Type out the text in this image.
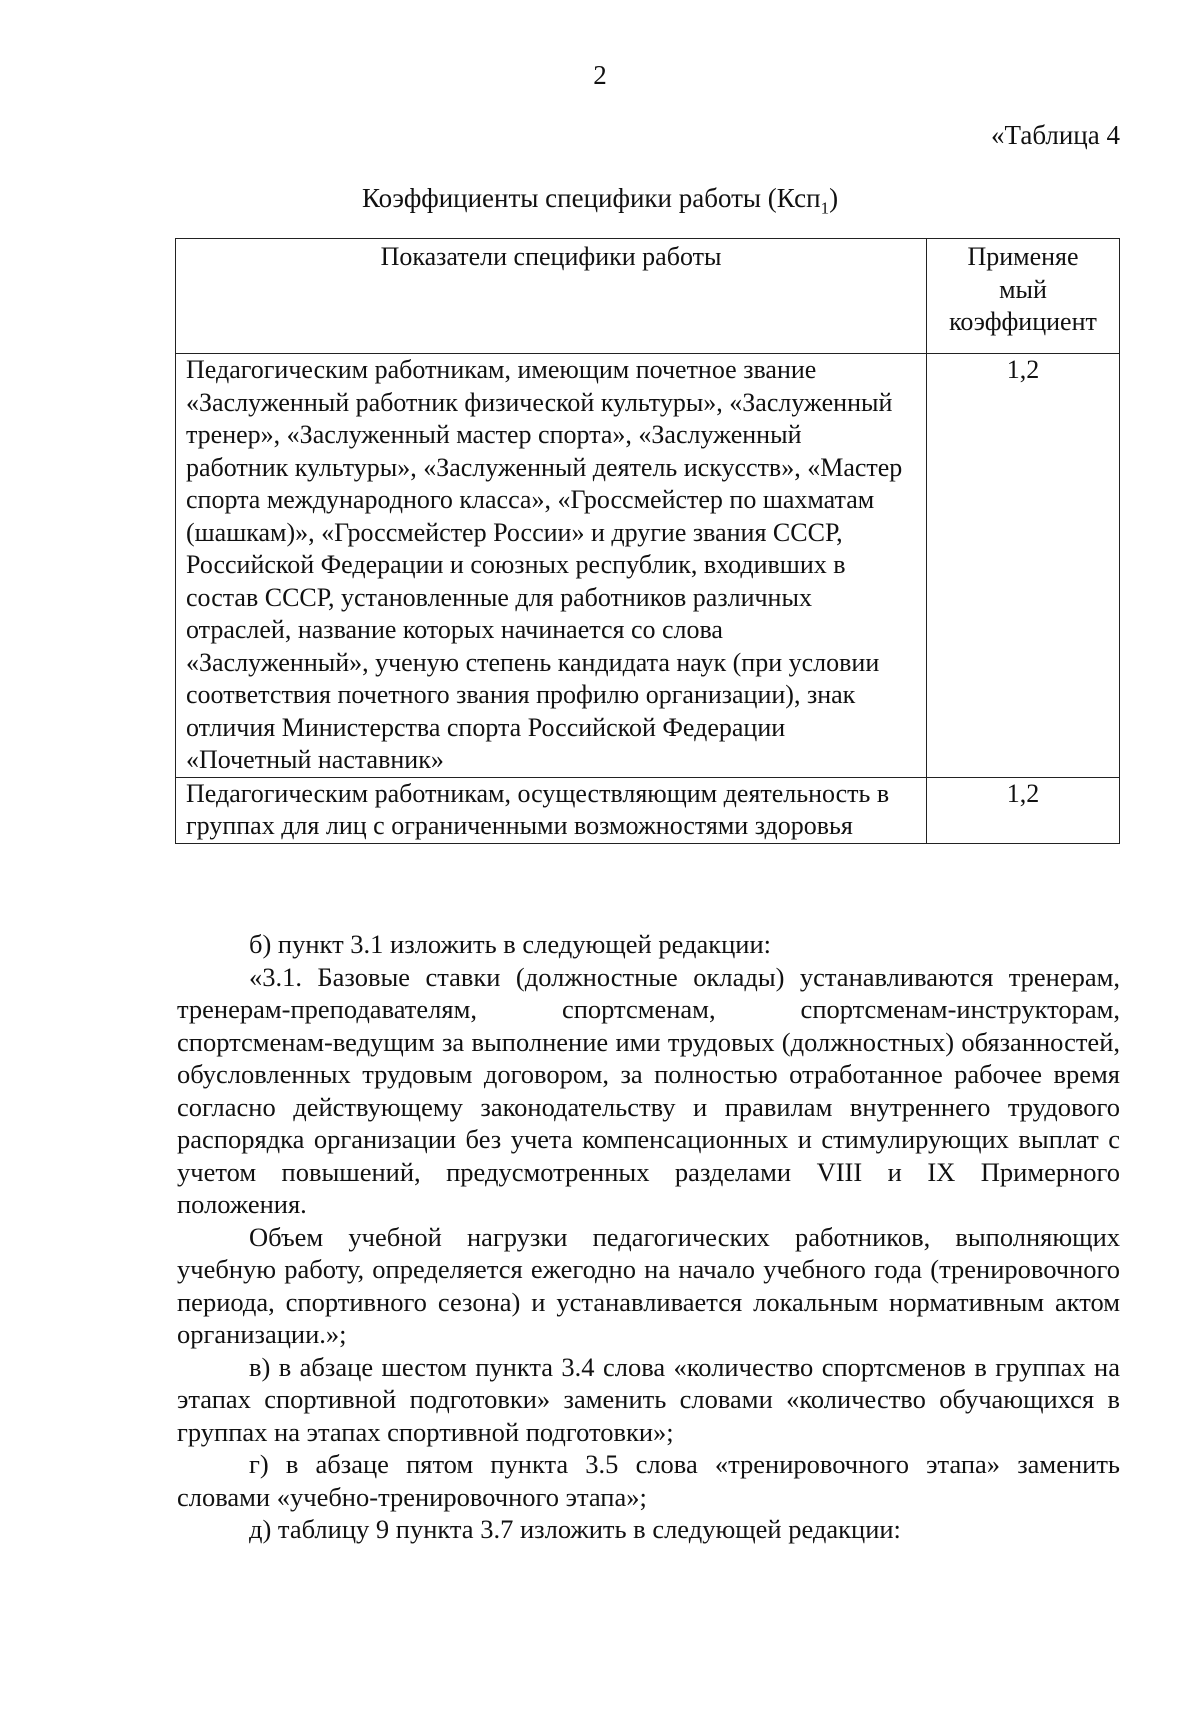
2
«Таблица 4
Коэффициенты специфики работы (Ксп$_1$)
Показатели специфики работы	Применяе
мый
коэффициент
Педагогическим работникам, имеющим почетное звание «Заслуженный работник физической культуры», «Заслуженный тренер», «Заслуженный мастер спорта», «Заслуженный работник культуры», «Заслуженный деятель искусств», «Мастер спорта международного класса», «Гроссмейстер по шахматам (шашкам)», «Гроссмейстер России» и другие звания СССР, Российской Федерации и союзных республик, входивших в состав СССР, установленные для работников различных отраслей, название которых начинается со слова «Заслуженный», ученую степень кандидата наук (при условии соответствия почетного звания профилю организации), знак отличия Министерства спорта Российской Федерации «Почетный наставник»	1,2
Педагогическим работникам, осуществляющим деятельность в группах для лиц с ограниченными возможностями здоровья	1,2

б) пункт 3.1 изложить в следующей редакции:

«3.1. Базовые ставки (должностные оклады) устанавливаются тренерам, тренерам-преподавателям, спортсменам, спортсменам-инструкторам, спортсменам-ведущим за выполнение ими трудовых (должностных) обязанностей, обусловленных трудовым договором, за полностью отработанное рабочее время согласно действующему законодательству и правилам внутреннего трудового распорядка организации без учета компенсационных и стимулирующих выплат с учетом повышений, предусмотренных разделами VIII и IX Примерного положения.

Объем учебной нагрузки педагогических работников, выполняющих учебную работу, определяется ежегодно на начало учебного года (тренировочного периода, спортивного сезона) и устанавливается локальным нормативным актом организации.»;

в) в абзаце шестом пункта 3.4 слова «количество спортсменов в группах на этапах спортивной подготовки» заменить словами «количество обучающихся в группах на этапах спортивной подготовки»;

г) в абзаце пятом пункта 3.5 слова «тренировочного этапа» заменить словами «учебно-тренировочного этапа»;

д) таблицу 9 пункта 3.7 изложить в следующей редакции:
